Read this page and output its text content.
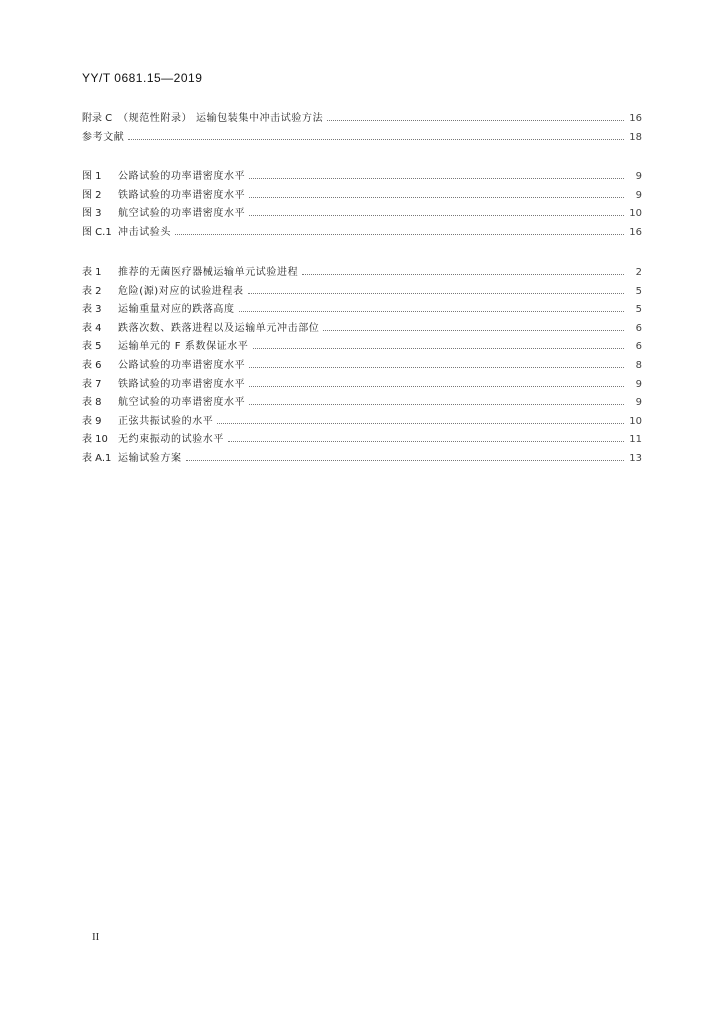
YY/T 0681.15—2019
附录 C （规范性附录） 运输包装集中冲击试验方法	16
参考文献	18
图 1 公路试验的功率谱密度水平	9
图 2 铁路试验的功率谱密度水平	9
图 3 航空试验的功率谱密度水平	10
图 C.1 冲击试验头	16
表 1 推荐的无菌医疗器械运输单元试验进程	2
表 2 危险(源)对应的试验进程表	5
表 3 运输重量对应的跌落高度	5
表 4 跌落次数、跌落进程以及运输单元冲击部位	6
表 5 运输单元的 F 系数保证水平	6
表 6 公路试验的功率谱密度水平	8
表 7 铁路试验的功率谱密度水平	9
表 8 航空试验的功率谱密度水平	9
表 9 正弦共振试验的水平	10
表 10 无约束振动的试验水平	11
表 A.1 运输试验方案	13
II
